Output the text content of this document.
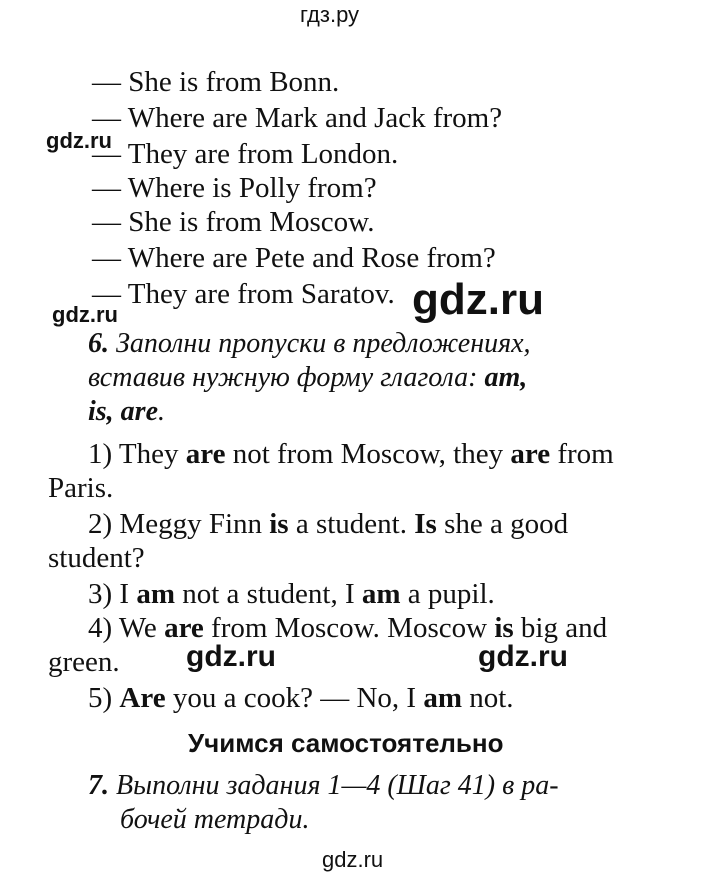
гдз.ру
gdz.ru
gdz.ru	gdz.ru
gdz.ru	gdz.ru
gdz.ru
— She is from Bonn.
— Where are Mark and Jack from?
— They are from London.
— Where is Polly from?
— She is from Moscow.
— Where are Pete and Rose from?
— They are from Saratov.
6. Заполни пропуски в предложениях,
вставив нужную форму глагола: am,
is, are.
1) They are not from Moscow, they are from
Paris.
2) Meggy Finn is a student. Is she a good
student?
3) I am not a student, I am a pupil.
4) We are from Moscow. Moscow is big and
green.
5) Are you a cook? — No, I am not.
Учимся самостоятельно
7. Выполни задания 1—4 (Шаг 41) в ра-
бочей тетради.
